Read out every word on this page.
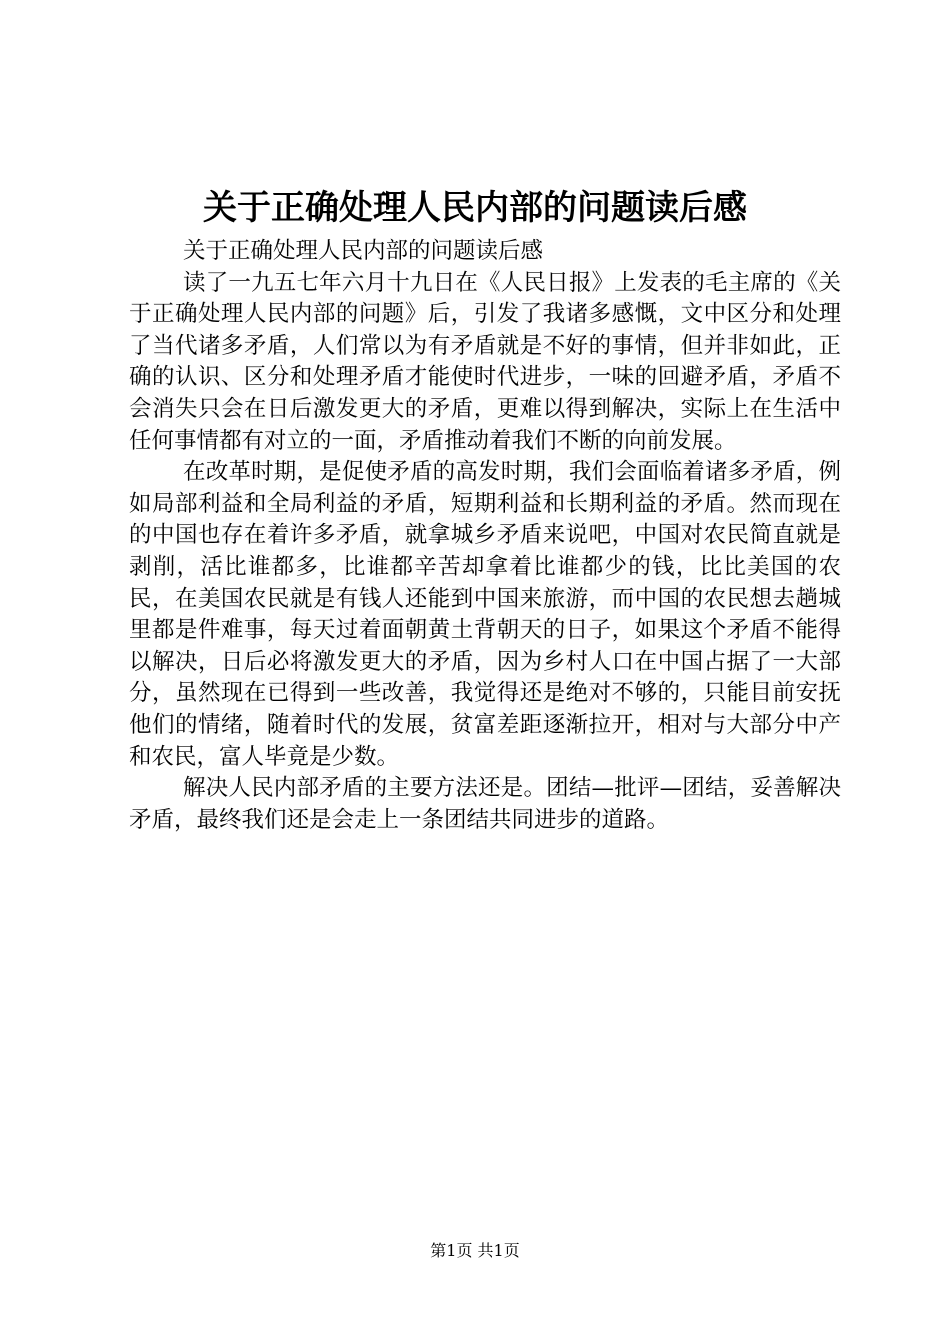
关于正确处理人民内部的问题读后感

关于正确处理人民内部的问题读后感

读了一九五七年六月十九日在《人民日报》上发表的毛主席的《关于正确处理人民内部的问题》后，引发了我诸多感慨，文中区分和处理了当代诸多矛盾，人们常以为有矛盾就是不好的事情，但并非如此，正确的认识、区分和处理矛盾才能使时代进步，一味的回避矛盾，矛盾不会消失只会在日后激发更大的矛盾，更难以得到解决，实际上在生活中任何事情都有对立的一面，矛盾推动着我们不断的向前发展。

在改革时期，是促使矛盾的高发时期，我们会面临着诸多矛盾，例如局部利益和全局利益的矛盾，短期利益和长期利益的矛盾。然而现在的中国也存在着许多矛盾，就拿城乡矛盾来说吧，中国对农民简直就是剥削，活比谁都多，比谁都辛苦却拿着比谁都少的钱，比比美国的农民，在美国农民就是有钱人还能到中国来旅游，而中国的农民想去趟城里都是件难事，每天过着面朝黄土背朝天的日子，如果这个矛盾不能得以解决，日后必将激发更大的矛盾，因为乡村人口在中国占据了一大部分，虽然现在已得到一些改善，我觉得还是绝对不够的，只能目前安抚他们的情绪，随着时代的发展，贫富差距逐渐拉开，相对与大部分中产和农民，富人毕竟是少数。

解决人民内部矛盾的主要方法还是。团结—批评—团结，妥善解决矛盾，最终我们还是会走上一条团结共同进步的道路。

第1页 共1页
